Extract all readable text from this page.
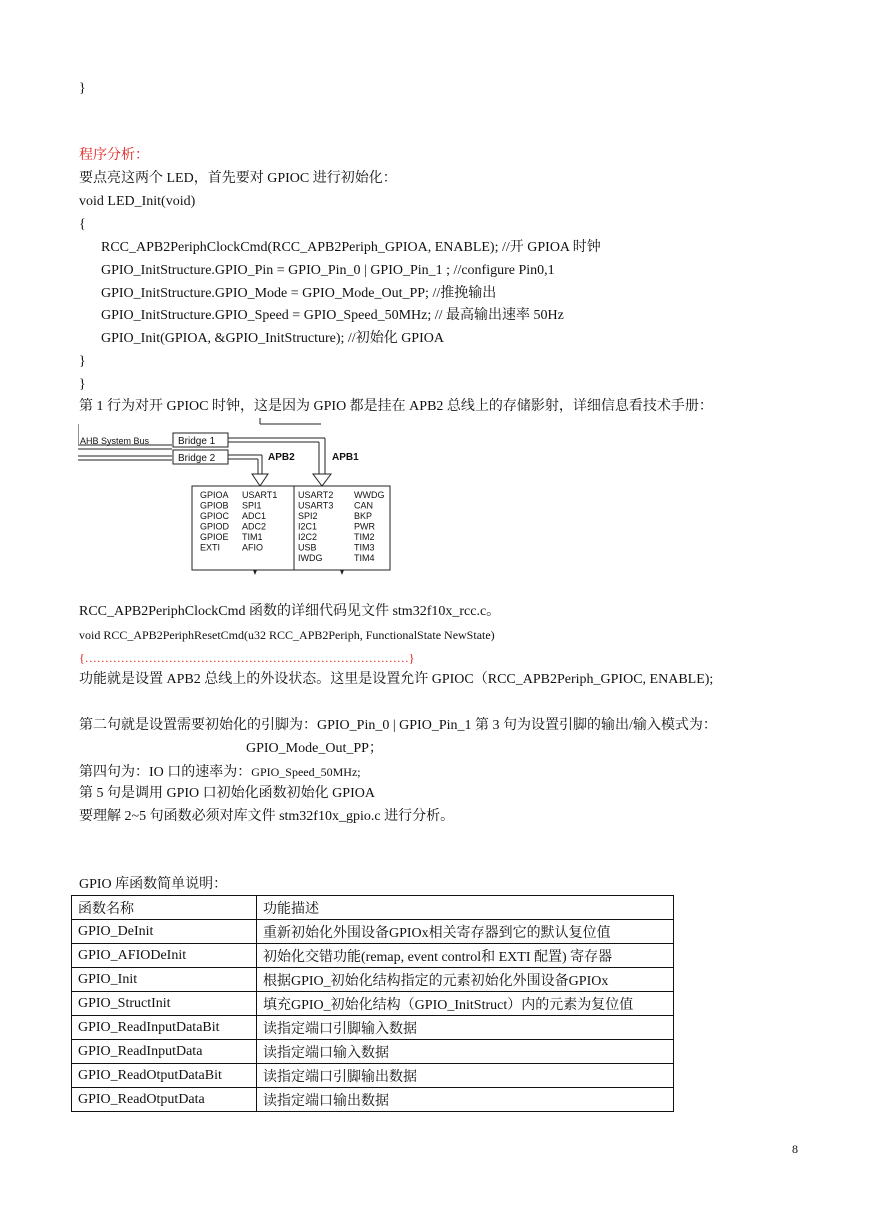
}
程序分析：
要点亮这两个 LED，首先要对 GPIOC 进行初始化：
void LED_Init(void)
{
RCC_APB2PeriphClockCmd(RCC_APB2Periph_GPIOA, ENABLE); //开 GPIOA 时钟
GPIO_InitStructure.GPIO_Pin = GPIO_Pin_0 | GPIO_Pin_1 ; //configure Pin0,1
GPIO_InitStructure.GPIO_Mode = GPIO_Mode_Out_PP; //推挽输出
GPIO_InitStructure.GPIO_Speed = GPIO_Speed_50MHz; // 最高输出速率 50Hz
GPIO_Init(GPIOA, &GPIO_InitStructure); //初始化 GPIOA
}
}
第 1 行为对开 GPIOC 时钟，这是因为 GPIO 都是挂在 APB2 总线上的存储影射，详细信息看技术手册：
AHB System Bus	Bridge 1
Bridge 2	APB1
APB2
GPIOA
GPIOB
GPIOC
GPIOD
GPIOE
EXTI
USART1
SPI1
ADC1
ADC2
TIM1
AFIO
USART2
USART3
SPI2
I2C1
I2C2
USB
IWDG
WWDG
CAN
BKP
PWR
TIM2
TIM3
TIM4
RCC_APB2PeriphClockCmd 函数的详细代码见文件 stm32f10x_rcc.c。
void RCC_APB2PeriphResetCmd(u32 RCC_APB2Periph, FunctionalState NewState)
{………………………………………………………………………}
功能就是设置 APB2 总线上的外设状态。这里是设置允许 GPIOC（RCC_APB2Periph_GPIOC, ENABLE);
第二句就是设置需要初始化的引脚为：GPIO_Pin_0 | GPIO_Pin_1 第 3 句为设置引脚的输出/输入模式为：
GPIO_Mode_Out_PP；
第四句为：IO 口的速率为：GPIO_Speed_50MHz;
第 5 句是调用 GPIO 口初始化函数初始化 GPIOA
要理解 2~5 句函数必须对库文件 stm32f10x_gpio.c 进行分析。
GPIO 库函数简单说明：
函数名称	功能描述
GPIO_DeInit	重新初始化外围设备GPIOx相关寄存器到它的默认复位值
GPIO_AFIODeInit	初始化交错功能(remap, event control和 EXTI 配置) 寄存器
GPIO_Init	根据GPIO_初始化结构指定的元素初始化外围设备GPIOx
GPIO_StructInit	填充GPIO_初始化结构（GPIO_InitStruct）内的元素为复位值
GPIO_ReadInputDataBit	读指定端口引脚输入数据
GPIO_ReadInputData	读指定端口输入数据
GPIO_ReadOtputDataBit	读指定端口引脚输出数据
GPIO_ReadOtputData	读指定端口输出数据
8
